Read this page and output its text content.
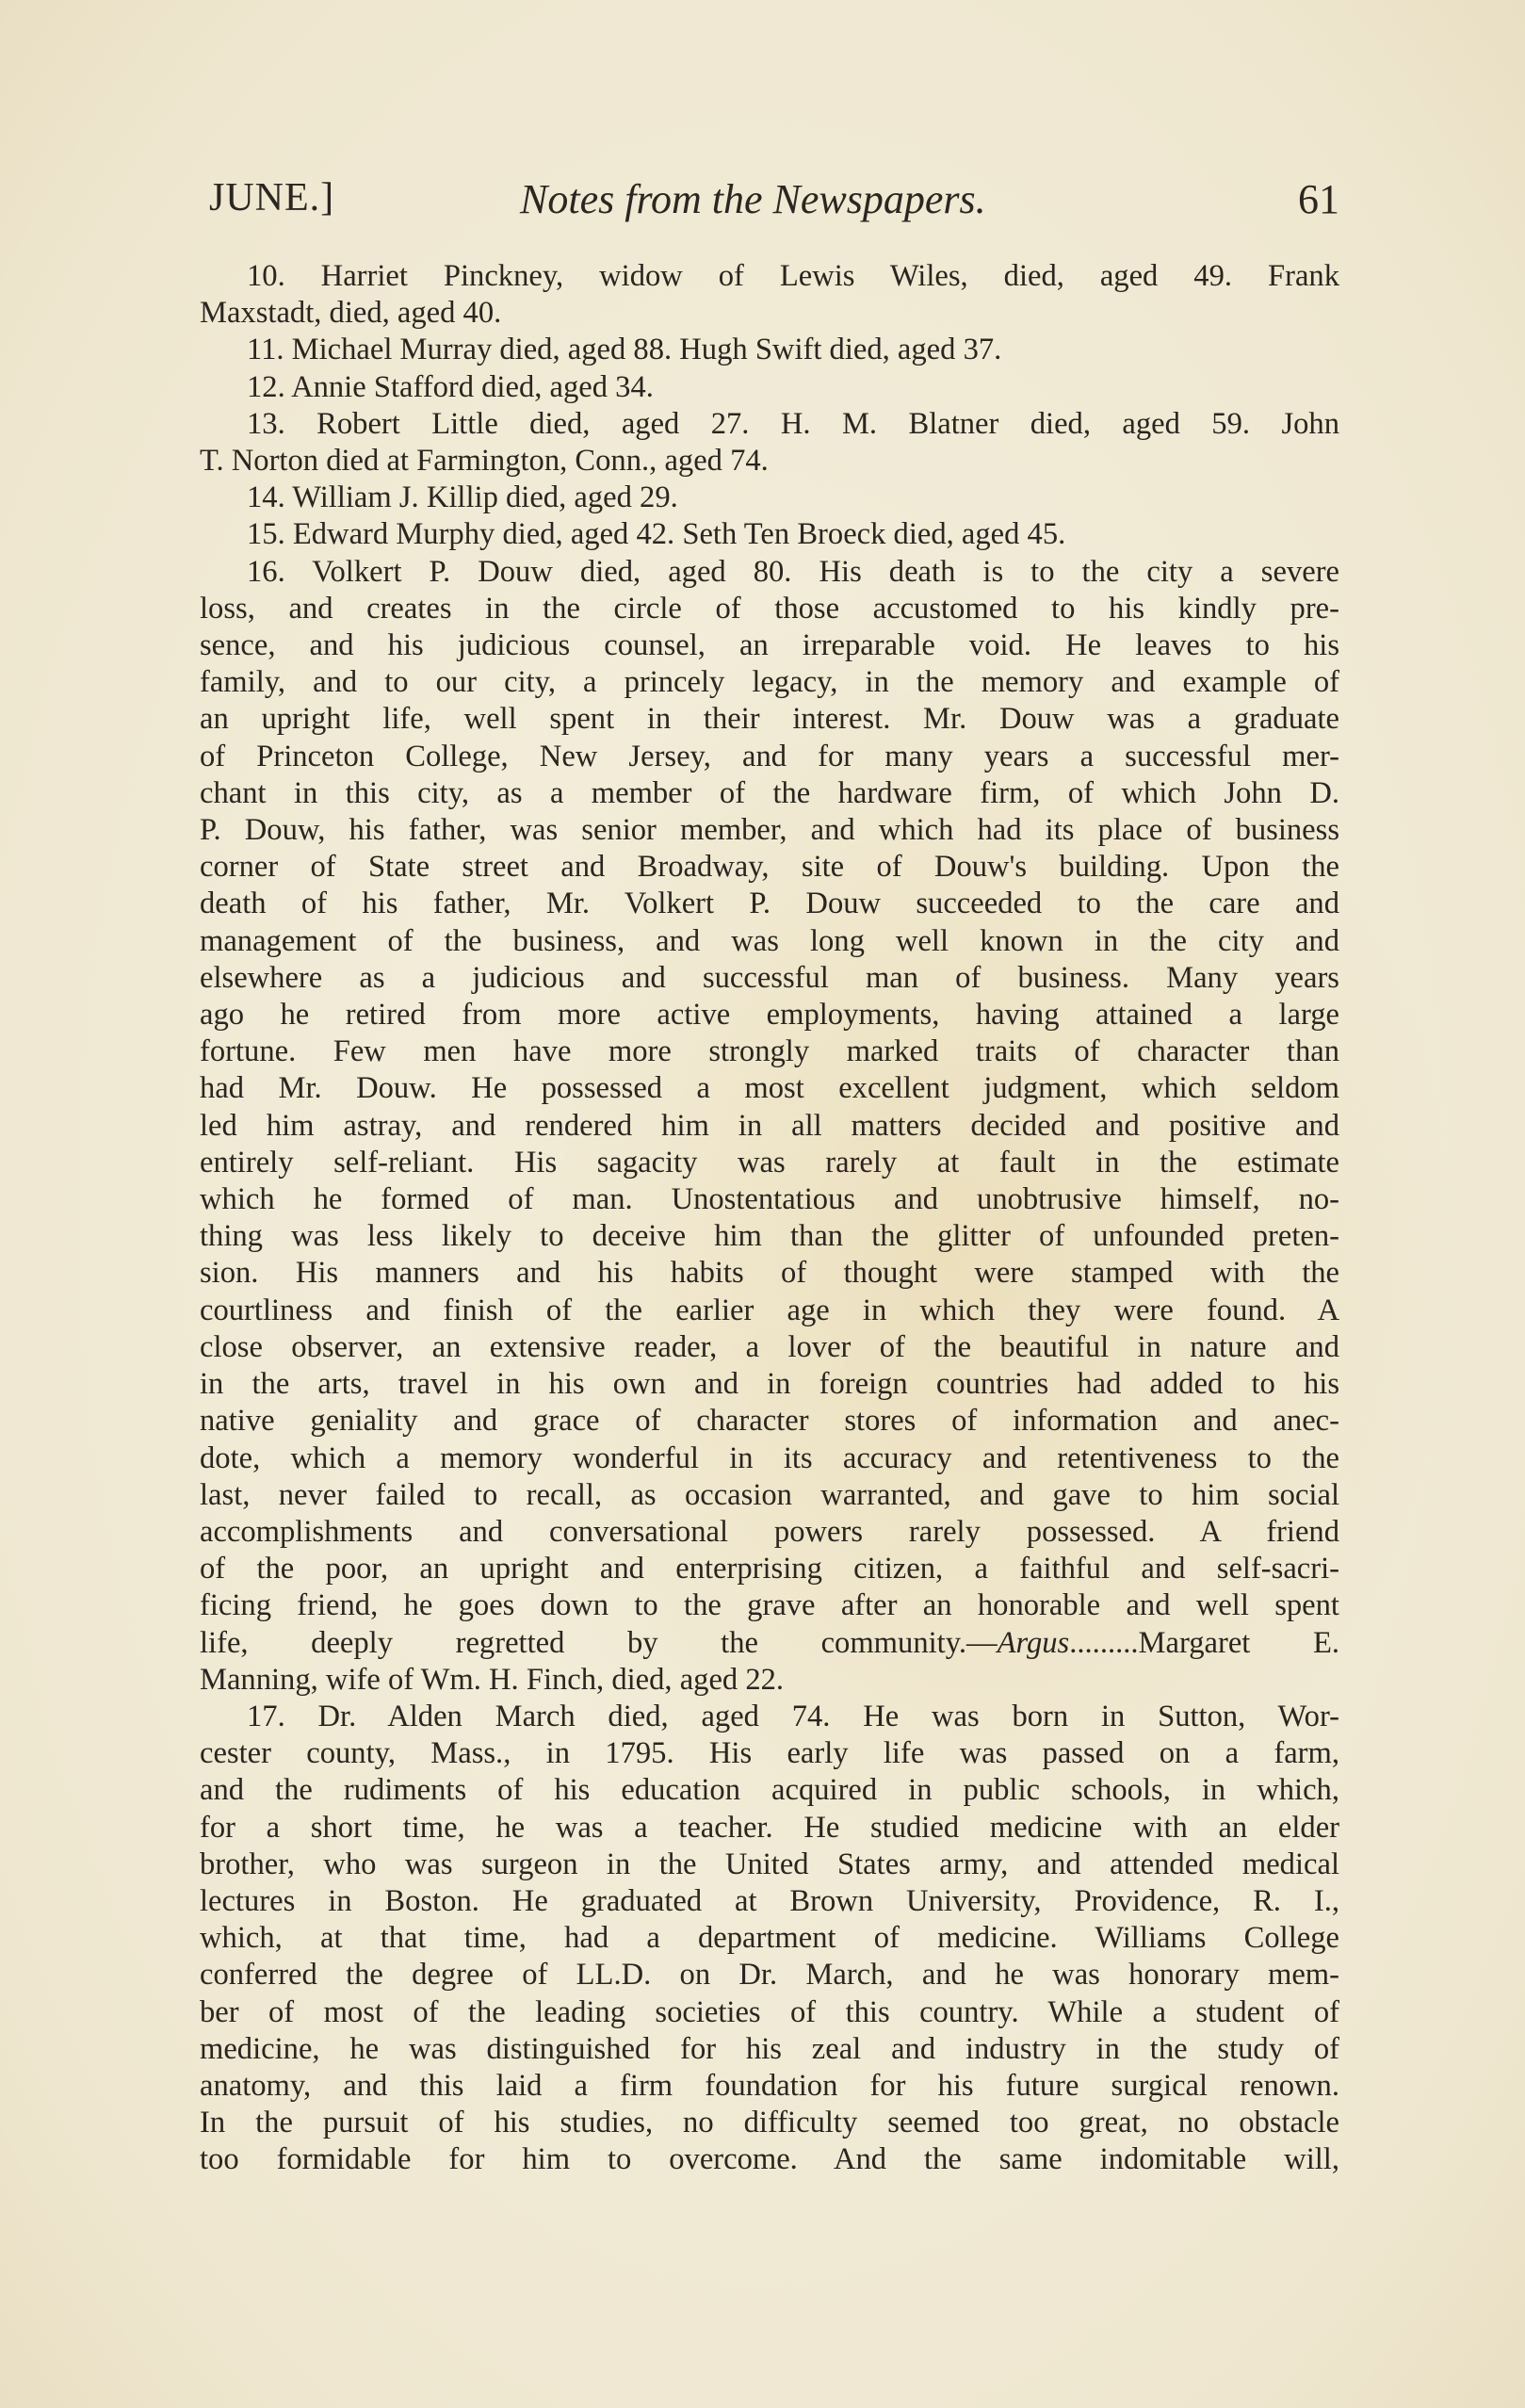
JUNE.]	Notes from the Newspapers.	61
10. Harriet Pinckney, widow of Lewis Wiles, died, aged 49. Frank
Maxstadt, died, aged 40.
11. Michael Murray died, aged 88. Hugh Swift died, aged 37.
12. Annie Stafford died, aged 34.
13. Robert Little died, aged 27. H. M. Blatner died, aged 59. John
T. Norton died at Farmington, Conn., aged 74.
14. William J. Killip died, aged 29.
15. Edward Murphy died, aged 42. Seth Ten Broeck died, aged 45.
16. Volkert P. Douw died, aged 80. His death is to the city a severe
loss, and creates in the circle of those accustomed to his kindly pre-
sence, and his judicious counsel, an irreparable void. He leaves to his
family, and to our city, a princely legacy, in the memory and example of
an upright life, well spent in their interest. Mr. Douw was a graduate
of Princeton College, New Jersey, and for many years a successful mer-
chant in this city, as a member of the hardware firm, of which John D.
P. Douw, his father, was senior member, and which had its place of business
corner of State street and Broadway, site of Douw's building. Upon the
death of his father, Mr. Volkert P. Douw succeeded to the care and
management of the business, and was long well known in the city and
elsewhere as a judicious and successful man of business. Many years
ago he retired from more active employments, having attained a large
fortune. Few men have more strongly marked traits of character than
had Mr. Douw. He possessed a most excellent judgment, which seldom
led him astray, and rendered him in all matters decided and positive and
entirely self-reliant. His sagacity was rarely at fault in the estimate
which he formed of man. Unostentatious and unobtrusive himself, no-
thing was less likely to deceive him than the glitter of unfounded preten-
sion. His manners and his habits of thought were stamped with the
courtliness and finish of the earlier age in which they were found. A
close observer, an extensive reader, a lover of the beautiful in nature and
in the arts, travel in his own and in foreign countries had added to his
native geniality and grace of character stores of information and anec-
dote, which a memory wonderful in its accuracy and retentiveness to the
last, never failed to recall, as occasion warranted, and gave to him social
accomplishments and conversational powers rarely possessed. A friend
of the poor, an upright and enterprising citizen, a faithful and self-sacri-
ficing friend, he goes down to the grave after an honorable and well spent
life, deeply regretted by the community.—Argus.........Margaret E.
Manning, wife of Wm. H. Finch, died, aged 22.
17. Dr. Alden March died, aged 74. He was born in Sutton, Wor-
cester county, Mass., in 1795. His early life was passed on a farm,
and the rudiments of his education acquired in public schools, in which,
for a short time, he was a teacher. He studied medicine with an elder
brother, who was surgeon in the United States army, and attended medical
lectures in Boston. He graduated at Brown University, Providence, R. I.,
which, at that time, had a department of medicine. Williams College
conferred the degree of LL.D. on Dr. March, and he was honorary mem-
ber of most of the leading societies of this country. While a student of
medicine, he was distinguished for his zeal and industry in the study of
anatomy, and this laid a firm foundation for his future surgical renown.
In the pursuit of his studies, no difficulty seemed too great, no obstacle
too formidable for him to overcome. And the same indomitable will,
